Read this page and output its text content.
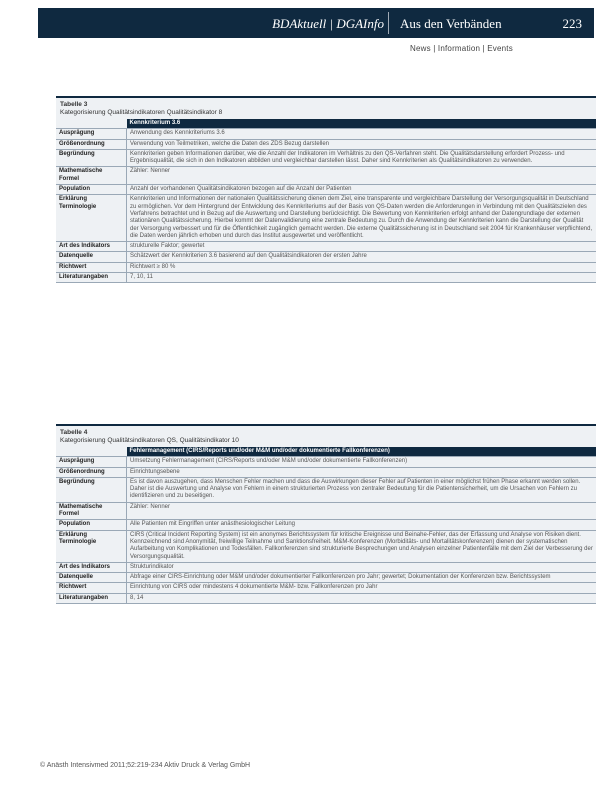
BDAktuell | DGAInfo Aus den Verbänden	223
News | Information | Events
Tabelle 3
Kategorisierung Qualitätsindikatoren Qualitätsindikator 8
	Kennkriterium 3.6
Ausprägung	Anwendung des Kennkriteriums 3.6
Größenordnung	Verwendung von Teilmetriken, welche die Daten des ZDS Bezug darstellen
Begründung	Kennkriterien geben Informationen darüber, wie die Anzahl der Indikatoren im Verhältnis zu den QS-Verfahren steht. Die Qualitätsdarstellung erfordert Prozess- und Ergebnisqualität, die sich in den Indikatoren abbilden und vergleichbar darstellen lässt. Daher sind Kennkriterien als Qualitätsindikatoren zu verwenden.
Mathematische Formel	Zähler: Nenner
Population	Anzahl der vorhandenen Qualitätsindikatoren bezogen auf die Anzahl der Patienten
Erklärung Terminologie	Kennkriterien und Informationen der nationalen Qualitätssicherung dienen dem Ziel, eine transparente und vergleichbare Darstellung der Versorgungsqualität in Deutschland zu ermöglichen. Vor dem Hintergrund der Entwicklung des Kennkriteriums auf der Basis von QS-Daten werden die Anforderungen in Verbindung mit den Qualitätszielen des Verfahrens betrachtet und in Bezug auf die Auswertung und Darstellung berücksichtigt. Die Bewertung von Kennkriterien erfolgt anhand der Datengrundlage der externen stationären Qualitätssicherung. Hierbei kommt der Datenvalidierung eine zentrale Bedeutung zu. Durch die Anwendung der Kennkriterien kann die Darstellung der Qualität der Versorgung verbessert und für die Öffentlichkeit zugänglich gemacht werden. Die externe Qualitätssicherung ist in Deutschland seit 2004 für Krankenhäuser verpflichtend, die Daten werden jährlich erhoben und durch das Institut ausgewertet und veröffentlicht.
Art des Indikators	strukturelle Faktor; gewertet
Datenquelle	Schätzwert der Kennkriterien 3.6 basierend auf den Qualitätsindikatoren der ersten Jahre
Richtwert	Richtwert ≥ 80 %
Literaturangaben	7, 10, 11
Tabelle 4
Kategorisierung Qualitätsindikatoren QS, Qualitätsindikator 10
	Fehlermanagement (CIRS/Reports und/oder M&M und/oder dokumentierte Fallkonferenzen)
Ausprägung	Umsetzung Fehlermanagement (CIRS/Reports und/oder M&M und/oder dokumentierte Fallkonferenzen)
Größenordnung	Einrichtungsebene
Begründung	Es ist davon auszugehen, dass Menschen Fehler machen und dass die Auswirkungen dieser Fehler auf Patienten in einer möglichst frühen Phase erkannt werden sollen. Daher ist die Auswertung und Analyse von Fehlern in einem strukturierten Prozess von zentraler Bedeutung für die Patientensicherheit, um die Ursachen von Fehlern zu identifizieren und zu beseitigen.
Mathematische Formel	Zähler: Nenner
Population	Alle Patienten mit Eingriffen unter anästhesiologischer Leitung
Erklärung Terminologie	CIRS (Critical Incident Reporting System) ist ein anonymes Berichtssystem für kritische Ereignisse und Beinahe-Fehler, das der Erfassung und Analyse von Risiken dient. Kennzeichnend sind Anonymität, freiwillige Teilnahme und Sanktionsfreiheit. M&M-Konferenzen (Morbiditäts- und Mortalitätskonferenzen) dienen der systematischen Aufarbeitung von Komplikationen und Todesfällen. Fallkonferenzen sind strukturierte Besprechungen und Analysen einzelner Patientenfälle mit dem Ziel der Verbesserung der Versorgungsqualität.
Art des Indikators	Strukturindikator
Datenquelle	Abfrage einer CIRS-Einrichtung oder M&M und/oder dokumentierter Fallkonferenzen pro Jahr; gewertet; Dokumentation der Konferenzen bzw. Berichtssystem
Richtwert	Einrichtung von CIRS oder mindestens 4 dokumentierte M&M- bzw. Fallkonferenzen pro Jahr
Literaturangaben	8, 14
© Anästh Intensivmed 2011;52:219-234 Aktiv Druck & Verlag GmbH
